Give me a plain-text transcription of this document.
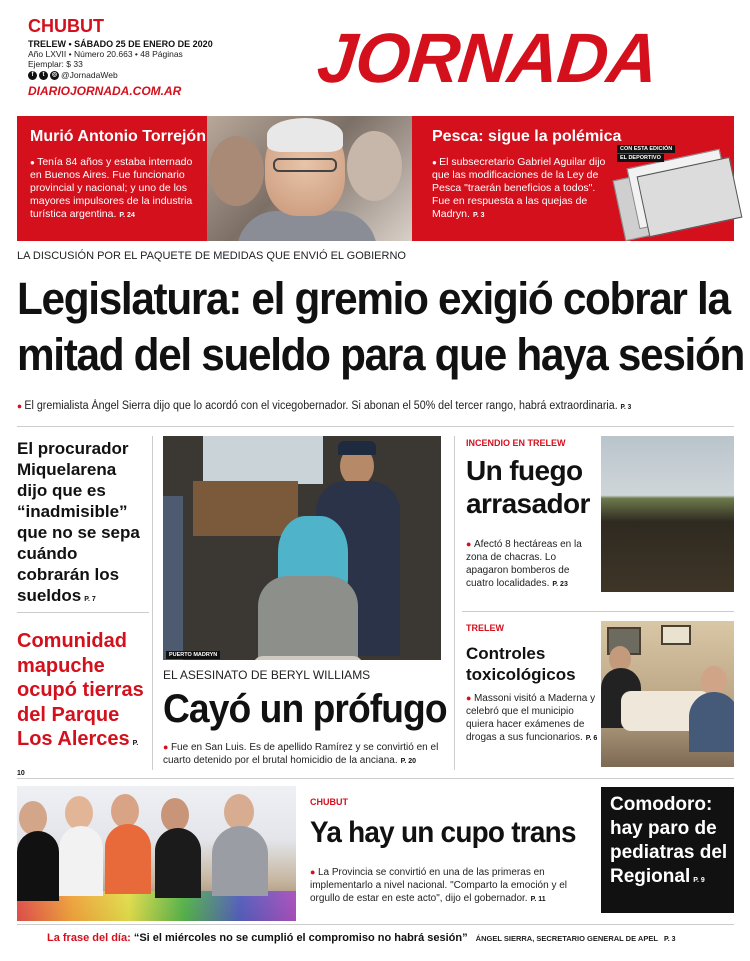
CHUBUT
TRELEW • SÁBADO 25 DE ENERO DE 2020
Año LXVII • Número 20.663 • 48 Páginas
Ejemplar: $ 33
f	t	◎ @JornadaWeb
DIARIOJORNADA.COM.AR JORNADA
Murió Antonio Torrejón
● Tenía 84 años y estaba internado en Buenos Aires. Fue funcionario provincial y nacional; y uno de los mayores impulsores de la industria turística argentina. P. 24
Pesca: sigue la polémica
● El subsecretario Gabriel Aguilar dijo que las modificaciones de la Ley de Pesca "traerán beneficios a todos". Fue en respuesta a las quejas de Madryn. P. 3
CON ESTA EDICIÓN
EL DEPORTIVO
LA DISCUSIÓN POR EL PAQUETE DE MEDIDAS QUE ENVIÓ EL GOBIERNO
Legislatura: el gremio exigió cobrar la
mitad del sueldo para que haya sesión
● El gremialista Ángel Sierra dijo que lo acordó con el vicegobernador. Si abonan el 50% del tercer rango, habrá extraordinaria. P. 3
El procurador Miquelarena dijo que es “inadmisible” que no se sepa cuándo cobrarán los sueldos P. 7
Comunidad mapuche ocupó tierras del Parque Los Alerces P. 10
PUERTO MADRYN
EL ASESINATO DE BERYL WILLIAMS
Cayó un prófugo
● Fue en San Luis. Es de apellido Ramírez y se convirtió en el cuarto detenido por el brutal homicidio de la anciana. P. 20
INCENDIO EN TRELEW
Un fuego arrasador
● Afectó 8 hectáreas en la zona de chacras. Lo apagaron bomberos de cuatro localidades. P. 23
TRELEW
Controles toxicológicos
● Massoni visitó a Maderna y celebró que el municipio quiera hacer exámenes de drogas a sus funcionarios. P. 6
CHUBUT
Ya hay un cupo trans
● La Provincia se convirtió en una de las primeras en implementarlo a nivel nacional. "Comparto la emoción y el orgullo de estar en este acto", dijo el gobernador. P. 11
Comodoro: hay paro de pediatras del Regional P. 9
La frase del día: “Si el miércoles no se cumplió el compromiso no habrá sesión” ÁNGEL SIERRA, SECRETARIO GENERAL DE APEL P. 3
